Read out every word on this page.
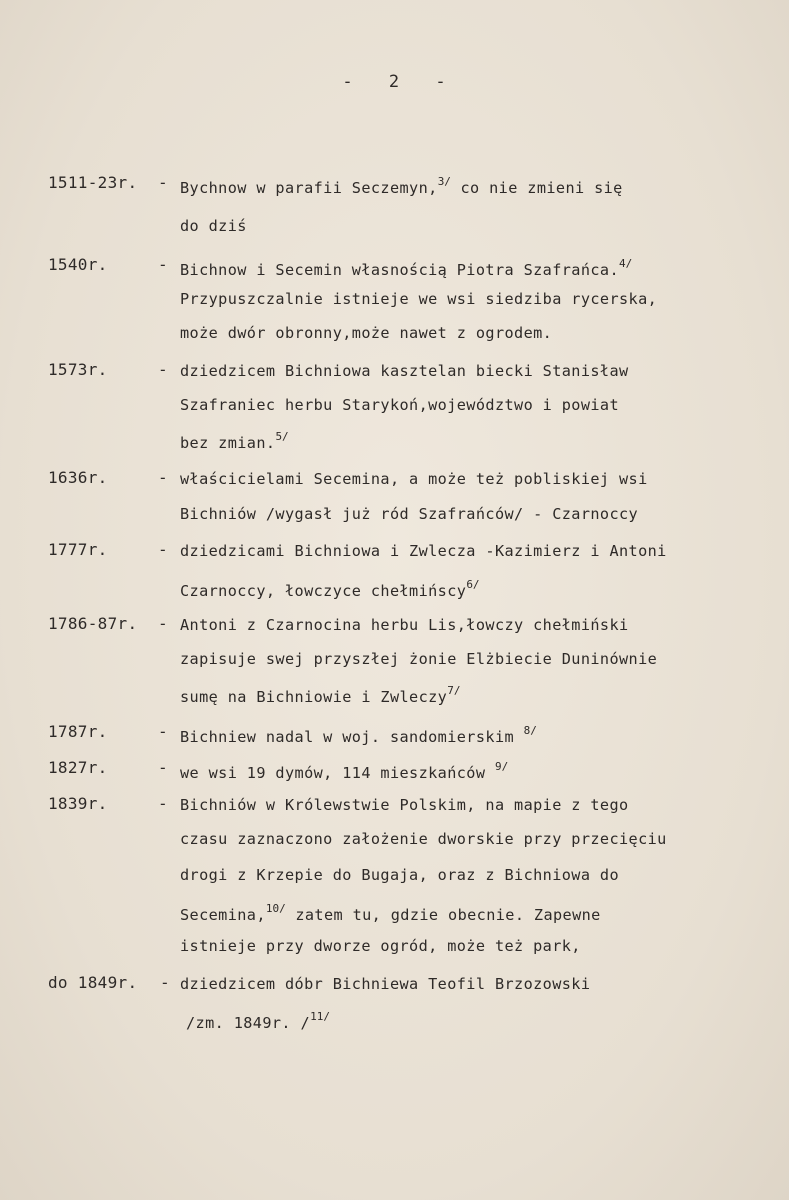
- 2 -
1511-23r. - Bychnow w parafii Seczemyn,$^{3/}$ co nie zmieni się
do dziś
1540r.	- Bichnow i Secemin własnością Piotra Szafrańca.$^{4/}$
Przypuszczalnie istnieje we wsi siedziba rycerska,
może dwór obronny,może nawet z ogrodem.
1573r.	- dziedzicem Bichniowa kasztelan biecki Stanisław
Szafraniec herbu Starykoń,województwo i powiat
bez zmian.$^{5/}$
1636r.	- właścicielami Secemina, a może też pobliskiej wsi
Bichniów /wygasł już ród Szafrańców/ - Czarnoccy
1777r.	- dziedzicami Bichniowa i Zwlecza -Kazimierz i Antoni
Czarnoccy, łowczyce chełmińscy$^{6/}$
1786-87r. - Antoni z Czarnocina herbu Lis,łowczy chełmiński
zapisuje swej przyszłej żonie Elżbiecie Duninównie
sumę na Bichniowie i Zwleczy$^{7/}$
1787r.	- Bichniew nadal w woj. sandomierskim $^{8/}$
1827r.	- we wsi 19 dymów, 114 mieszkańców $^{9/}$
1839r.	- Bichniów w Królewstwie Polskim, na mapie z tego
czasu zaznaczono założenie dworskie przy przecięciu
drogi z Krzepie do Bugaja, oraz z Bichniowa do
Secemina,$^{10/}$ zatem tu, gdzie obecnie. Zapewne
istnieje przy dworze ogród, może też park,
do 1849r. - dziedzicem dóbr Bichniewa Teofil Brzozowski
/zm. 1849r. /$^{11/}$
